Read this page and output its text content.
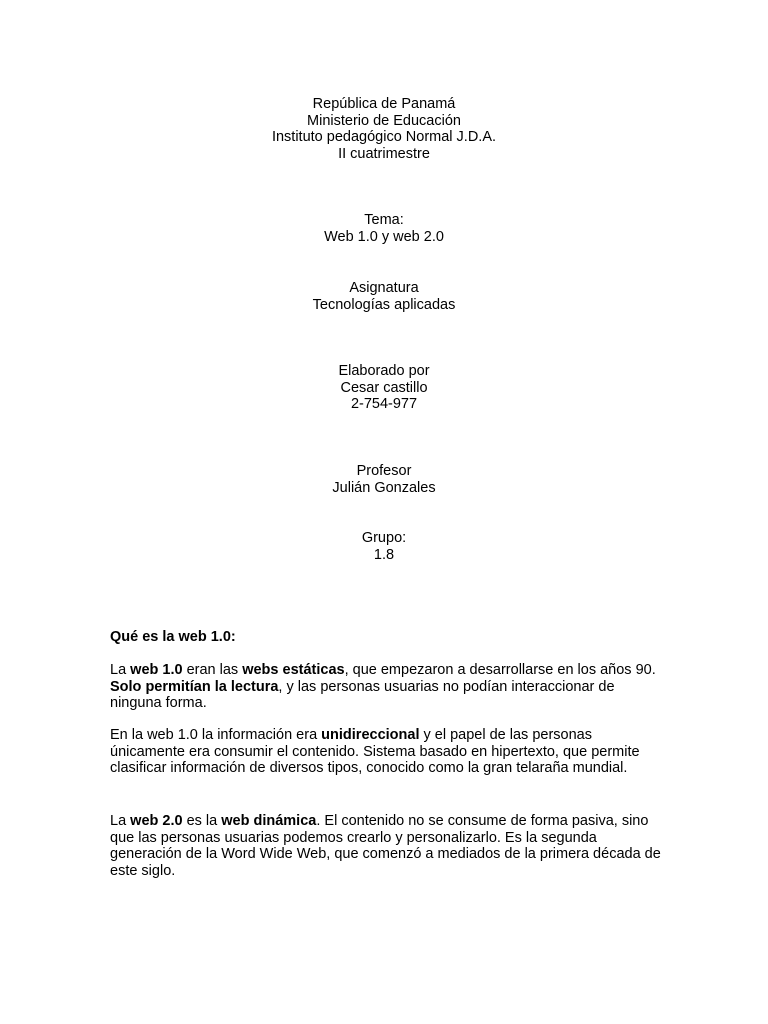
República de Panamá
Ministerio de Educación
Instituto pedagógico Normal J.D.A.
II cuatrimestre
Tema:
Web 1.0 y web 2.0
Asignatura
Tecnologías aplicadas
Elaborado por
Cesar castillo
2-754-977
Profesor
Julián Gonzales
Grupo:
1.8
Qué es la web 1.0:

La web 1.0 eran las webs estáticas, que empezaron a desarrollarse en los años 90. Solo permitían la lectura, y las personas usuarias no podían interaccionar de ninguna forma.

En la web 1.0 la información era unidireccional y el papel de las personas únicamente era consumir el contenido. Sistema basado en hipertexto, que permite clasificar información de diversos tipos, conocido como la gran telaraña mundial.

La web 2.0 es la web dinámica. El contenido no se consume de forma pasiva, sino que las personas usuarias podemos crearlo y personalizarlo. Es la segunda generación de la Word Wide Web, que comenzó a mediados de la primera década de este siglo.
